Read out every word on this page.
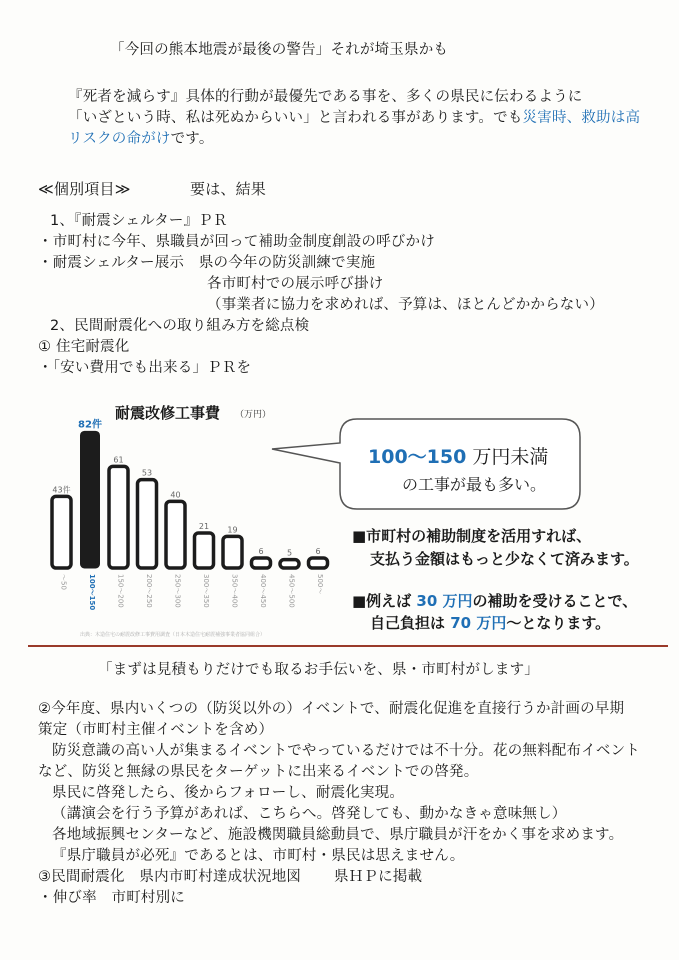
「今回の熊本地震が最後の警告」それが埼玉県かも
『死者を減らす』具体的行動が最優先である事を、多くの県民に伝わるように
「いざという時、私は死ぬからいい」と言われる事があります。でも災害時、救助は高
リスクの命がけです。
≪個別項目≫	要は、結果
1、『耐震シェルター』ＰＲ
・市町村に今年、県職員が回って補助金制度創設の呼びかけ
・耐震シェルター展示　県の今年の防災訓練で実施
各市町村での展示呼び掛け
（事業者に協力を求めれば、予算は、ほとんどかからない）
2、民間耐震化への取り組み方を総点検
① 住宅耐震化
・「安い費用でも出来る」ＰＲを
耐震改修工事費 （万円）
43件
～50
82件
100～150
61
150～200
53
200～250
40
250～300
21
300～350
19
350～400
6
400～450
5
450～500
6
500～
出典：木造住宅の耐震改修工事費用調査（日本木造住宅耐震補強事業者協同組合）
100～150 万円未満
の工事が最も多い。
■市町村の補助制度を活用すれば、
支払う金額はもっと少なくて済みます。
■例えば 30 万円の補助を受けることで、
自己負担は 70 万円～となります。
「まずは見積もりだけでも取るお手伝いを、県・市町村がします」
②今年度、県内いくつの（防災以外の）イベントで、耐震化促進を直接行うか計画の早期
策定（市町村主催イベントを含め）
防災意識の高い人が集まるイベントでやっているだけでは不十分。花の無料配布イベント
など、防災と無縁の県民をターゲットに出来るイベントでの啓発。
県民に啓発したら、後からフォローし、耐震化実現。
（講演会を行う予算があれば、こちらへ。啓発しても、動かなきゃ意味無し）
各地域振興センターなど、施設機関職員総動員で、県庁職員が汗をかく事を求めます。
『県庁職員が必死』であるとは、市町村・県民は思えません。
③民間耐震化　県内市町村達成状況地図 県ＨＰに掲載
・伸び率　市町村別に
